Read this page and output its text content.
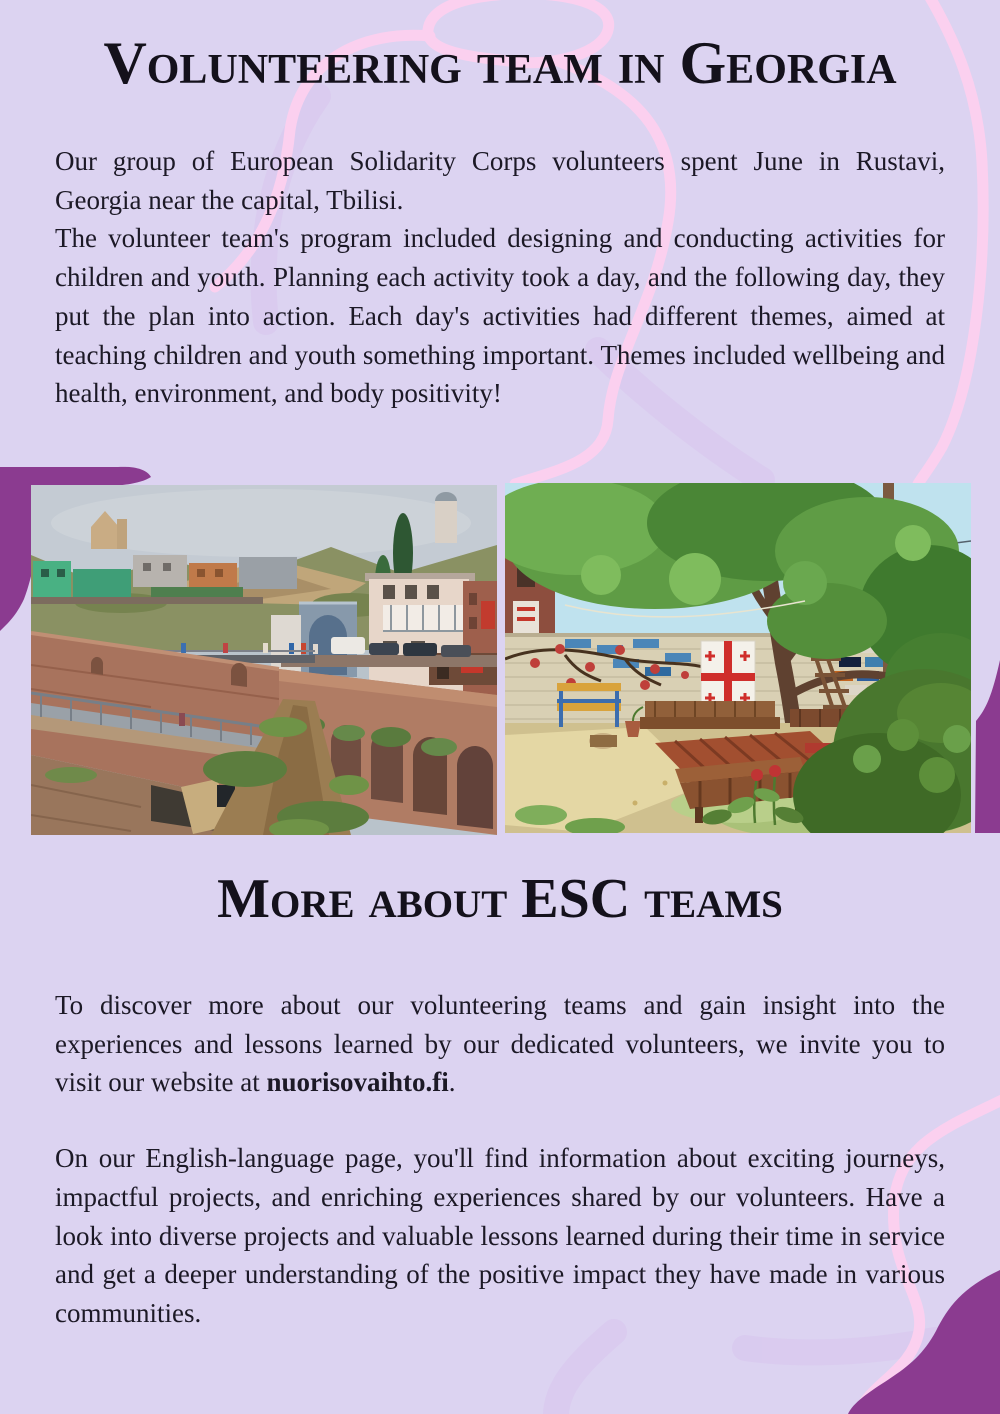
Volunteering team in Georgia

Our group of European Solidarity Corps volunteers spent June in Rustavi, Georgia near the capital, Tbilisi.

The volunteer team's program included designing and conducting activities for children and youth. Planning each activity took a day, and the following day, they put the plan into action. Each day's activities had different themes, aimed at teaching children and youth something important. Themes included wellbeing and health, environment, and body positivity!

More about ESC teams

To discover more about our volunteering teams and gain insight into the experiences and lessons learned by our dedicated volunteers, we invite you to visit our website at nuorisovaihto.fi.

On our English-language page, you'll find information about exciting journeys, impactful projects, and enriching experiences shared by our volunteers. Have a look into diverse projects and valuable lessons learned during their time in service and get a deeper understanding of the positive impact they have made in various communities.
